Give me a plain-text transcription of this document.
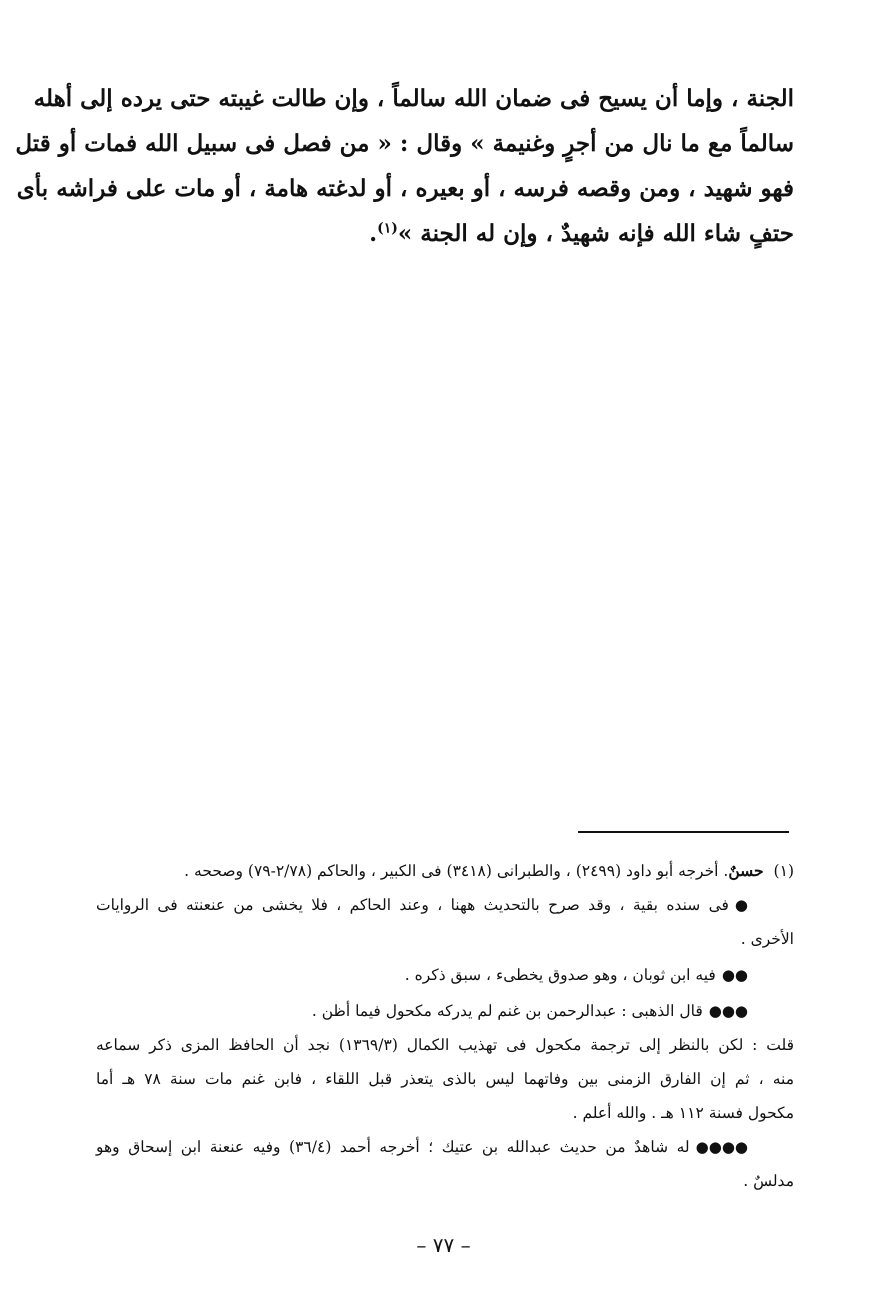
الجنة ، وإما أن يسيح فى ضمان الله سالماً ، وإن طالت غيبته حتى يرده إلى أهله
سالماً مع ما نال من أجرٍ وغنيمة » وقال : « من فصل فى سبيل الله فمات أو قتل
فهو شهيد ، ومن وقصه فرسه ، أو بعيره ، أو لدغته هامة ، أو مات على فراشه بأى
حتفٍ شاء الله فإنه شهيدٌ ، وإن له الجنة »$^{(١)}$.
(١)حسنٌ. أخرجه أبو داود (٢٤٩٩) ، والطبرانى (٣٤١٨) فى الكبير ، والحاكم (٢/٧٨-٧٩) وصححه .
●فى سنده بقية ، وقد صرح بالتحديث ههنا ، وعند الحاكم ، فلا يخشى من عنعنته فى الروايات
الأخرى .
●●فيه ابن ثوبان ، وهو صدوق يخطىء ، سبق ذكره .
●●●قال الذهبى : عبدالرحمن بن غنم لم يدركه مكحول فيما أظن .
قلت : لكن بالنظر إلى ترجمة مكحول فى تهذيب الكمال (١٣٦٩/٣) نجد أن الحافظ المزى ذكر سماعه
منه ، ثم إن الفارق الزمنى بين وفاتهما ليس بالذى يتعذر قبل اللقاء ، فابن غنم مات سنة ٧٨ هـ أما
مكحول فسنة ١١٢ هـ . والله أعلم .
●●●●له شاهدٌ من حديث عبدالله بن عتيك ؛ أخرجه أحمد (٣٦/٤) وفيه عنعنة ابن إسحاق وهو
مدلسٌ .
– ٧٧ –
